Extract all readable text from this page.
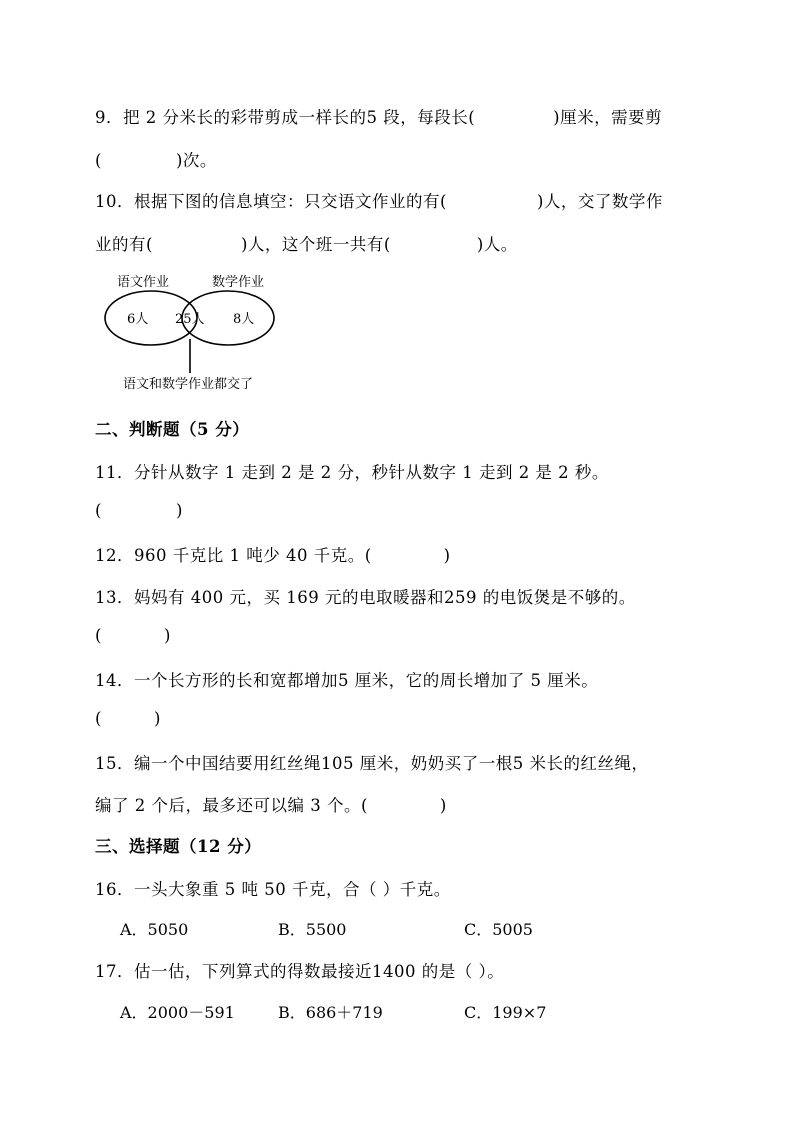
9．把 2 分米长的彩带剪成一样长的5 段，每段长(	)厘米，需要剪
(	)次。
10．根据下图的信息填空：只交语文作业的有(	)人，交了数学作
业的有(	)人，这个班一共有(	)人。
语文作业	数学作业
6人 25人 8人
语文和数学作业都交了
二、判断题（5 分）
11．分针从数字 1 走到 2 是 2 分，秒针从数字 1 走到 2 是 2 秒。
(	)
12．960 千克比 1 吨少 40 千克。(	)
13．妈妈有 400 元，买 169 元的电取暖器和259 的电饭煲是不够的。
(	)
14．一个长方形的长和宽都增加5 厘米，它的周长增加了 5 厘米。
(	)
15．编一个中国结要用红丝绳105 厘米，奶奶买了一根5 米长的红丝绳，
编了 2 个后，最多还可以编 3 个。(	)
三、选择题（12 分）
16．一头大象重 5 吨 50 千克，合（ ）千克。
A．5050	B．5500	C．5005
17．估一估，下列算式的得数最接近1400 的是（ ）。
A．2000－591	B．686＋719	C．199×7
